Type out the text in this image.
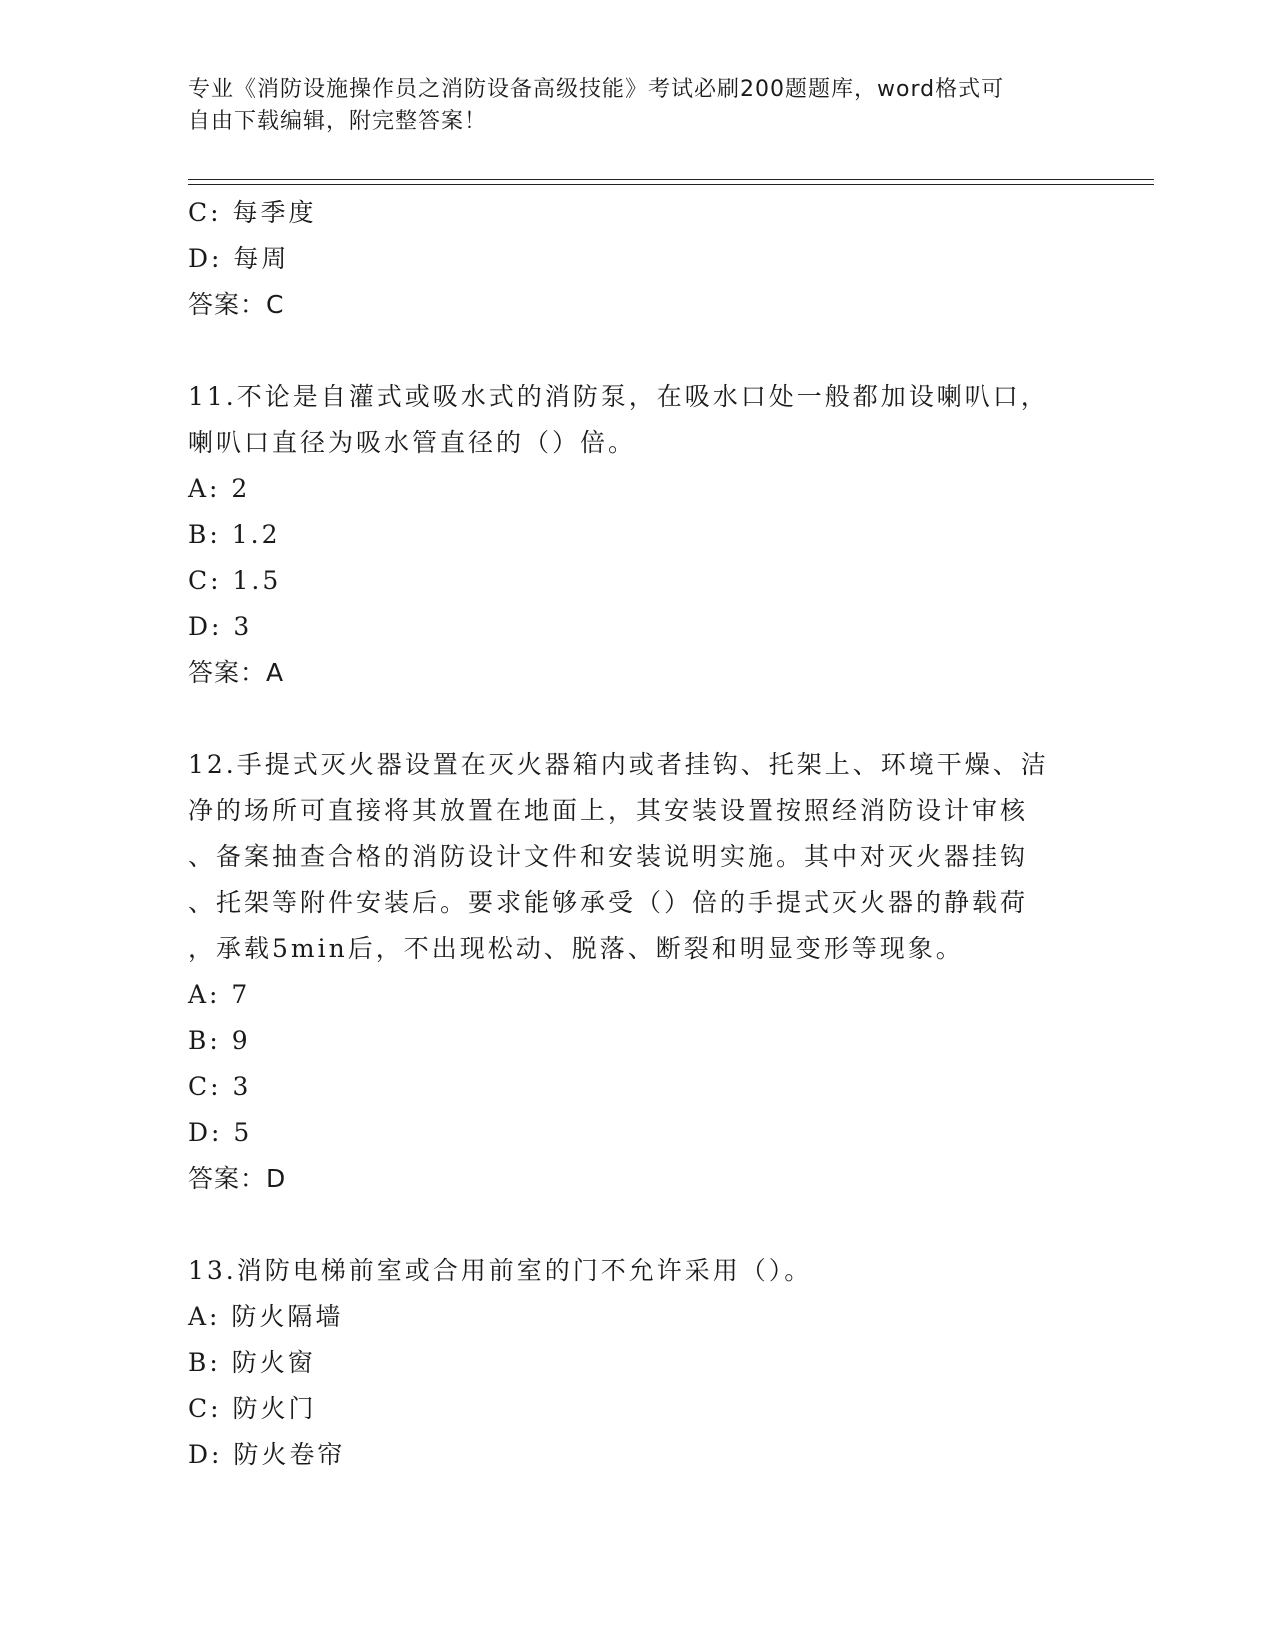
专业《消防设施操作员之消防设备高级技能》考试必刷200题题库，word格式可
自由下载编辑，附完整答案！
C: 每季度
D: 每周
答案：C
11.不论是自灌式或吸水式的消防泵，在吸水口处一般都加设喇叭口，
喇叭口直径为吸水管直径的（）倍。
A: 2
B: 1.2
C: 1.5
D: 3
答案：A
12.手提式灭火器设置在灭火器箱内或者挂钩、托架上、环境干燥、洁
净的场所可直接将其放置在地面上，其安装设置按照经消防设计审核
、备案抽查合格的消防设计文件和安装说明实施。其中对灭火器挂钩
、托架等附件安装后。要求能够承受（）倍的手提式灭火器的静载荷
，承载5min后，不出现松动、脱落、断裂和明显变形等现象。
A: 7
B: 9
C: 3
D: 5
答案：D
13.消防电梯前室或合用前室的门不允许采用（）。
A: 防火隔墙
B: 防火窗
C: 防火门
D: 防火卷帘
